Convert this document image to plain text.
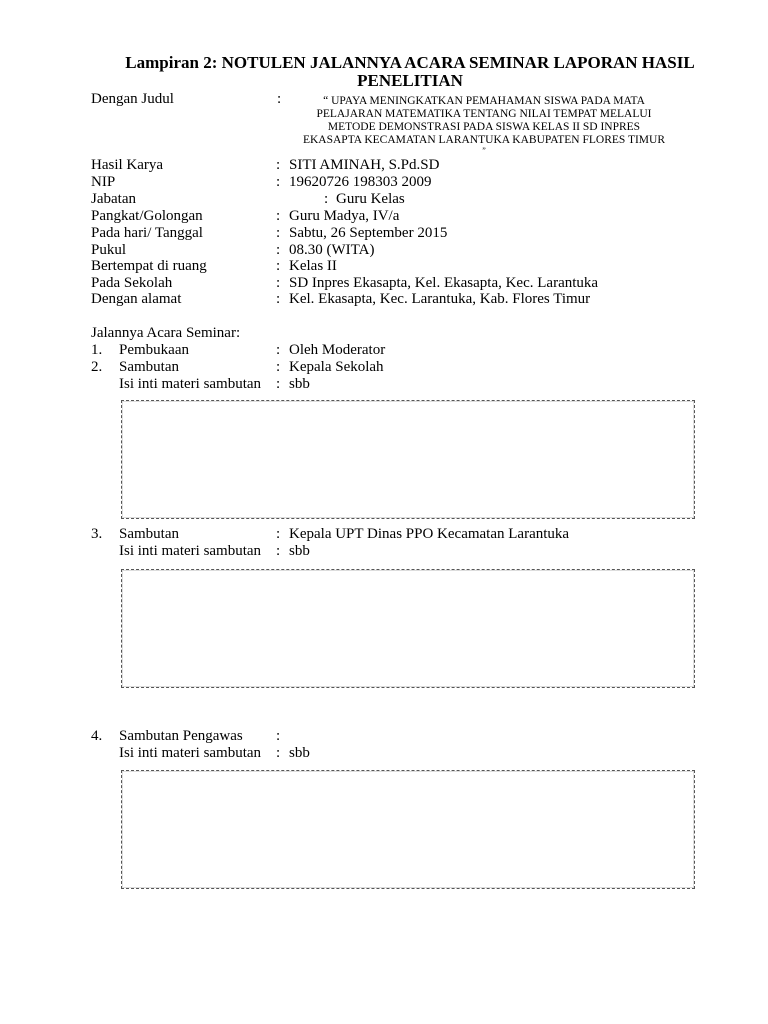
Lampiran 2: NOTULEN JALANNYA ACARA SEMINAR LAPORAN HASIL
PENELITIAN
Dengan Judul	:	“ UPAYA MENINGKATKAN PEMAHAMAN SISWA PADA MATA
PELAJARAN MATEMATIKA TENTANG NILAI TEMPAT MELALUI
METODE DEMONSTRASI PADA SISWA KELAS II SD INPRES
EKASAPTA KECAMATAN LARANTUKA KABUPATEN FLORES TIMUR
”
Hasil Karya	: SITI AMINAH, S.Pd.SD
NIP	: 19620726 198303 2009
Jabatan	: Guru Kelas
Pangkat/Golongan	: Guru Madya, IV/a
Pada hari/ Tanggal	: Sabtu, 26 September 2015
Pukul	: 08.30 (WITA)
Bertempat di ruang	: Kelas II
Pada Sekolah	: SD Inpres Ekasapta, Kel. Ekasapta, Kec. Larantuka
Dengan alamat	: Kel. Ekasapta, Kec. Larantuka, Kab. Flores Timur
Jalannya Acara Seminar:
1. Pembukaan	: Oleh Moderator
2. Sambutan	: Kepala Sekolah
Isi inti materi sambutan : sbb
3. Sambutan	: Kepala UPT Dinas PPO Kecamatan Larantuka
Isi inti materi sambutan : sbb
4. Sambutan Pengawas :
Isi inti materi sambutan : sbb
